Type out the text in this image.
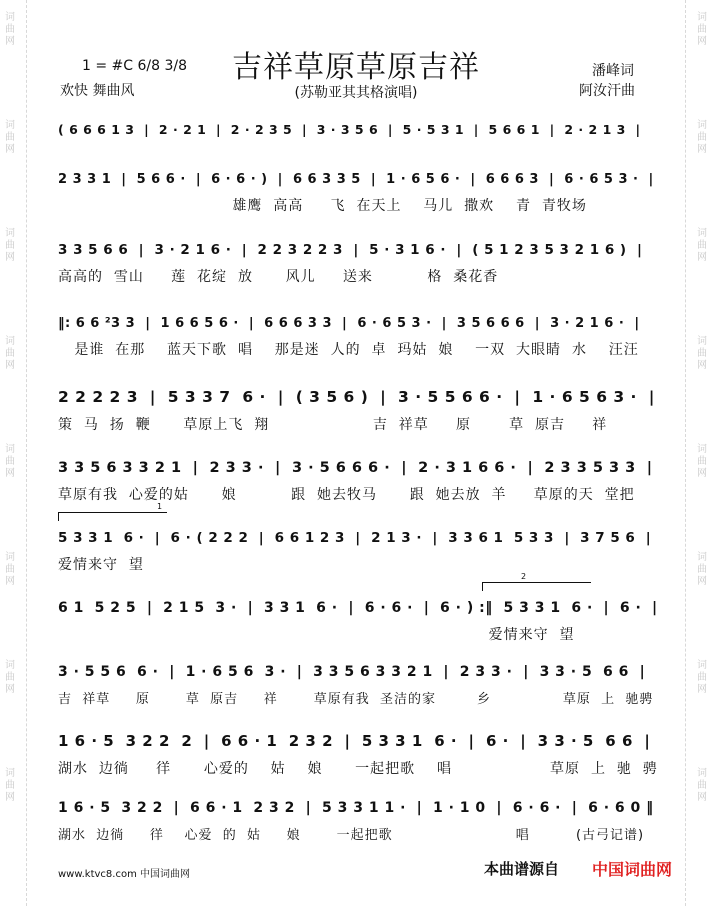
词曲网
词曲网
词曲网
词曲网
词曲网
词曲网
词曲网
词曲网
词曲网
词曲网
词曲网
词曲网
词曲网
词曲网
词曲网
词曲网
吉祥草原草原吉祥
(苏勒亚其其格演唱)
1 = #C 6/8 3/8
欢快 舞曲风
潘峰词
阿汝汗曲
( 6 6 6 1 3  |  2 · 2 1  |  2 · 2 3 5  |  3 · 3 5 6  |  5 · 5 3 1  |  5 6 6 1  |  2 · 2 1 3  |
2 3 3 1  |  5 6 6 ·  |  6 · 6 · )  |  6 6 3 3 5  |  1 · 6 5 6 ·  |  6 6 6 3  |  6 · 6 5 3 ·  |
雄鹰  高高     飞  在天上    马儿  撒欢    青  青牧场
3 3 5 6 6  |  3 · 2 1 6 ·  |  2 2 3 2 2 3  |  5 · 3 1 6 ·  |  ( 5 1 2 3 5 3 2 1 6 )  |
高高的  雪山     莲  花绽  放      风儿     送来          格  桑花香
‖: 6 6 ²3 3  |  1 6 6 5 6 ·  |  6 6 6 3 3  |  6 · 6 5 3 ·  |  3 5 6 6 6  |  3 · 2 1 6 ·  |
是谁  在那    蓝天下歌  唱    那是迷  人的  卓  玛姑  娘    一双  大眼睛  水    汪汪
2 2 2 2 3  |  5 3 3 7  6 ·  |  ( 3 5 6 )  |  3 · 5 5 6 6 ·  |  1 · 6 5 6 3 ·  |
策  马  扬  鞭      草原上飞  翔                   吉  祥草     原       草  原吉     祥
3 3 5 6 3 3 2 1  |  2 3 3 ·  |  3 · 5 6 6 6 ·  |  2 · 3 1 6 6 ·  |  2 3 3 5 3 3  |
草原有我  心爱的姑      娘          跟  她去牧马      跟  她去放  羊     草原的天  堂把
1
5 3 3 1  6 ·  |  6 · ( 2 2 2  |  6 6 1 2 3  |  2 1 3 ·  |  3 3 6 1  5 3 3  |  3 7 5 6  |
爱情来守  望
2
6 1  5 2 5  |  2 1 5  3 ·  |  3 3 1  6 ·  |  6 · 6 ·  |  6 · ) :‖  5 3 3 1  6 ·  |  6 ·  |
爱情来守  望
3 · 5 5 6  6 ·  |  1 · 6 5 6  3 ·  |  3 3 5 6 3 3 2 1  |  2 3 3 ·  |  3 3 · 5  6 6  |
吉  祥草     原       草  原吉     祥       草原有我  圣洁的家        乡              草原  上  驰骋
1 6 · 5  3 2 2  2  |  6 6 · 1  2 3 2  |  5 3 3 1  6 ·  |  6 ·  |  3 3 · 5  6 6  |
湖水  边徜     徉      心爱的    姑    娘      一起把歌    唱                  草原  上  驰  骋
1 6 · 5  3 2 2  |  6 6 · 1  2 3 2  |  5 3 3 1 1 ·  |  1 · 1 0  |  6 · 6 ·  |  6 · 6 0 ‖
湖水  边徜     徉    心爱  的  姑     娘       一起把歌                        唱         (古弓记谱)
www.ktvc8.com 中国词曲网	本曲谱源自 中国词曲网
